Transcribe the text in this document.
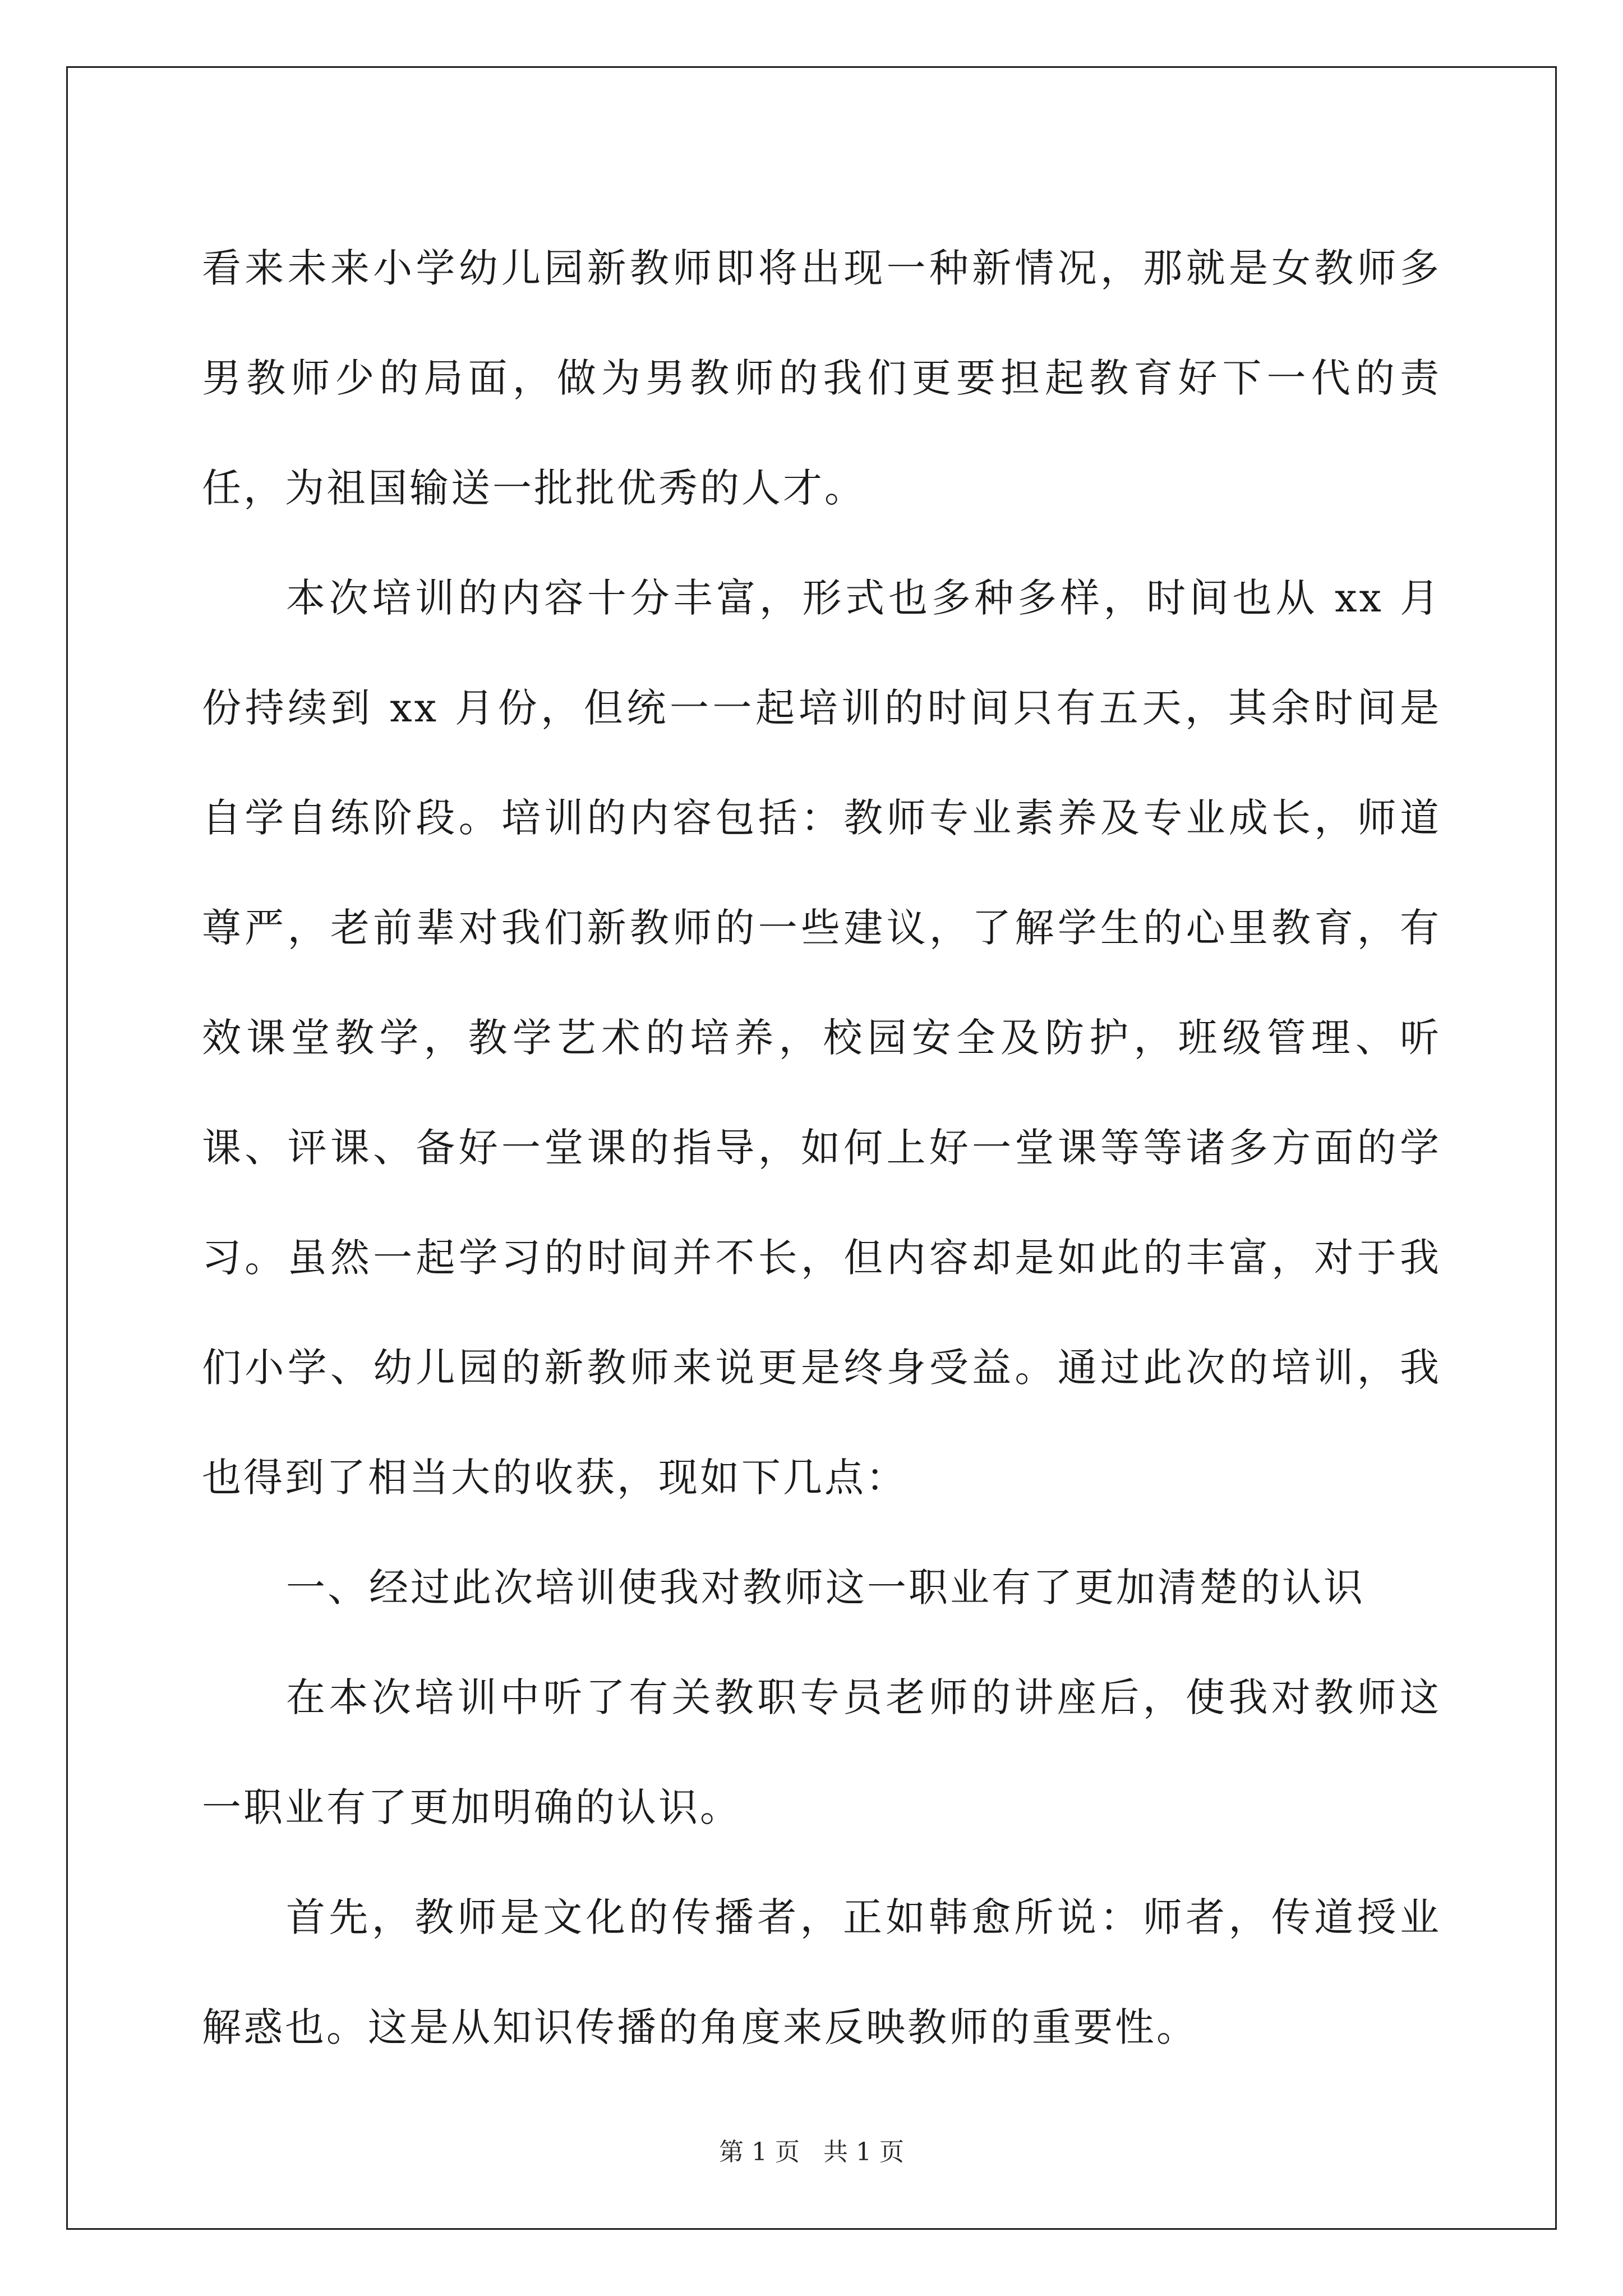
看来未来小学幼儿园新教师即将出现一种新情况，那就是女教师多男教师少的局面，做为男教师的我们更要担起教育好下一代的责任，为祖国输送一批批优秀的人才。

本次培训的内容十分丰富，形式也多种多样，时间也从 xx 月份持续到 xx 月份，但统一一起培训的时间只有五天，其余时间是自学自练阶段。培训的内容包括：教师专业素养及专业成长，师道尊严，老前辈对我们新教师的一些建议，了解学生的心里教育，有效课堂教学，教学艺术的培养，校园安全及防护，班级管理、听课、评课、备好一堂课的指导，如何上好一堂课等等诸多方面的学习。虽然一起学习的时间并不长，但内容却是如此的丰富，对于我们小学、幼儿园的新教师来说更是终身受益。通过此次的培训，我也得到了相当大的收获，现如下几点：

一、经过此次培训使我对教师这一职业有了更加清楚的认识

在本次培训中听了有关教职专员老师的讲座后，使我对教师这一职业有了更加明确的认识。

首先，教师是文化的传播者，正如韩愈所说：师者，传道授业解惑也。这是从知识传播的角度来反映教师的重要性。

第 1 页 共 1 页
